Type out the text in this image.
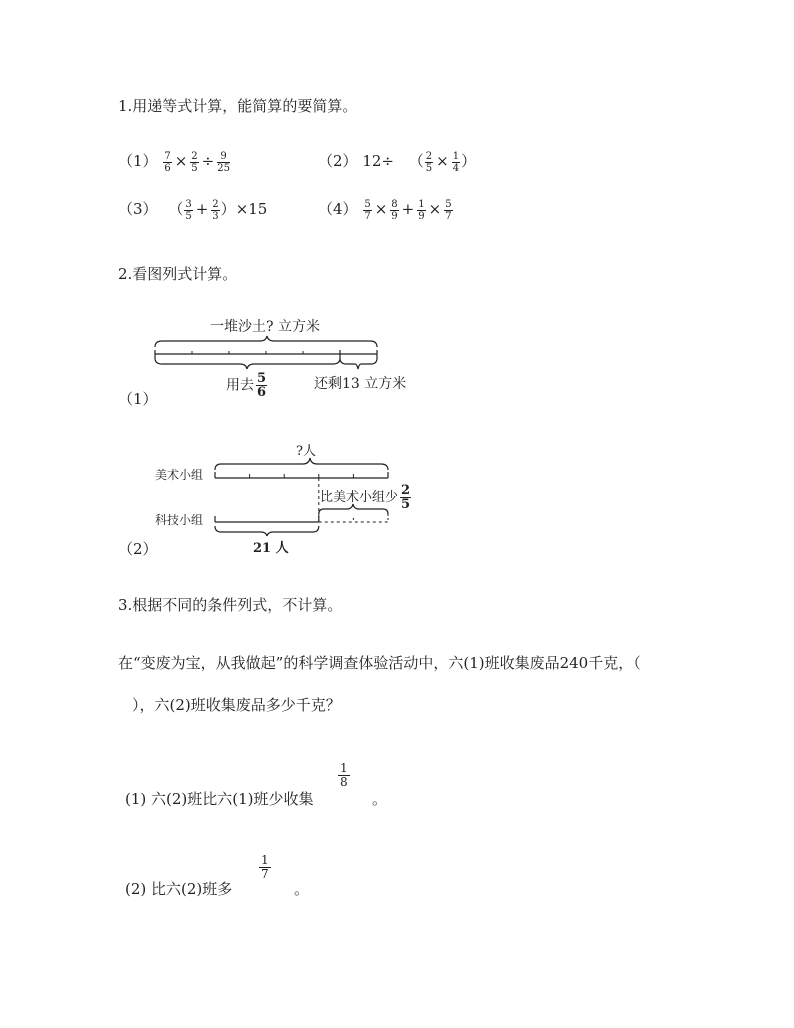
1.用递等式计算，能简算的要简算。
$(1) \frac{7}{6} \times \frac{2}{5} \div \frac{9}{25}$	（2） 12÷ （ $\frac{2}{5} \times \frac{1}{4}$ ）
（3） （ $\frac{3}{5} + \frac{2}{3} )\times 15$	$(4) \frac{5}{7} \times \frac{8}{9} + \frac{1}{9} \times \frac{5}{7}$
2.看图列式计算。
一堆沙土? 立方米
用去 $\frac{5}{6}$	还剩13 立方米
（1）
?人
美术小组
科技小组
比美术小组少 $\frac{2}{5}$
21 人
（2）
3.根据不同的条件列式，不计算。
在“变废为宝，从我做起”的科学调查体验活动中，六(1)班收集废品240千克，（
），六(2)班收集废品多少千克？
(1) 六(2)班比六(1)班少收集
$\frac{1}{8}$
。
(2) 比六(2)班多
$\frac{1}{7}$
。
